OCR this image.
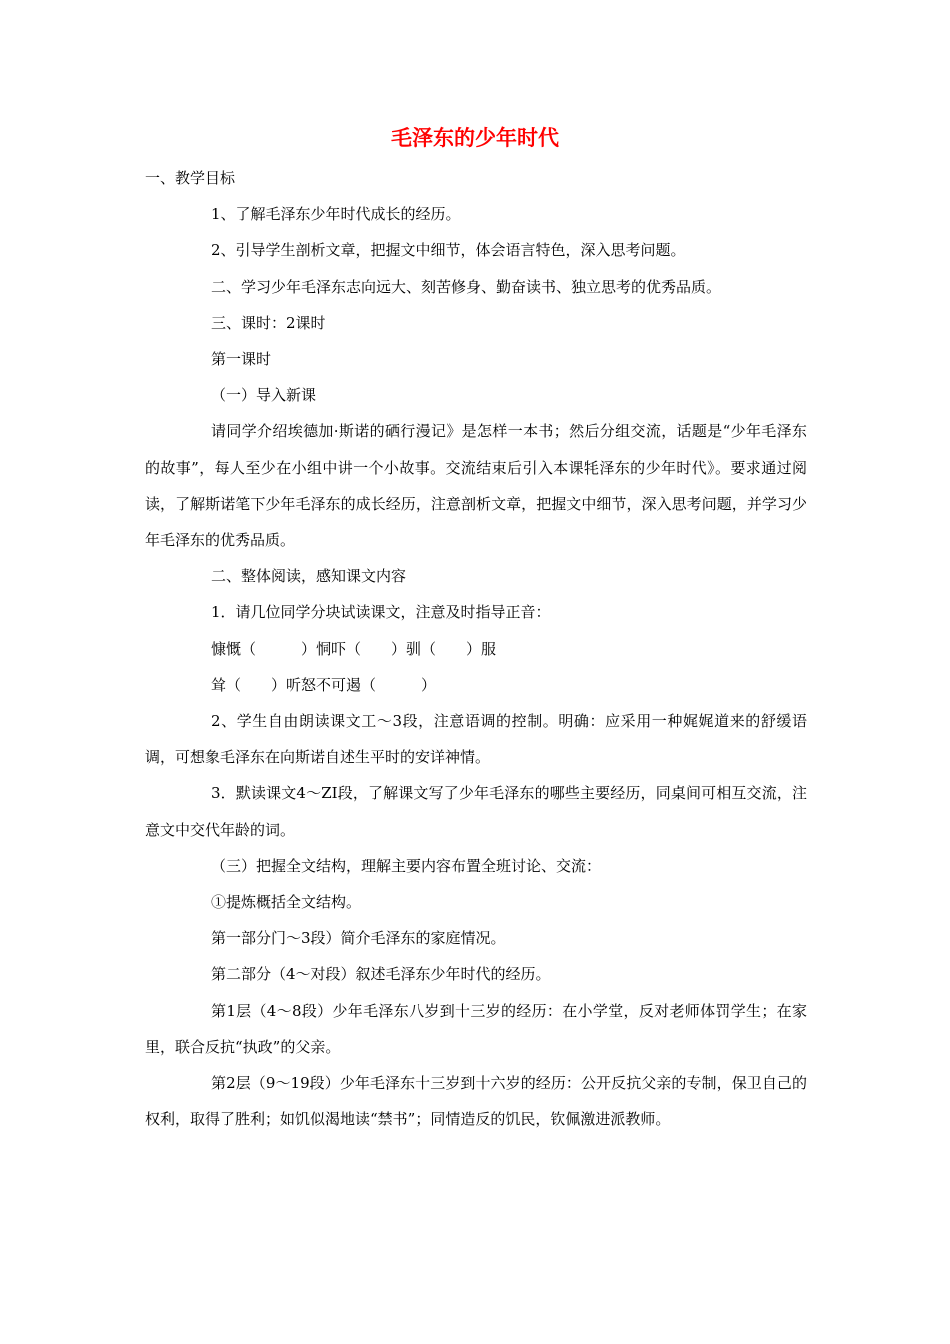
毛泽东的少年时代

一、教学目标

1、了解毛泽东少年时代成长的经历。

2、引导学生剖析文章，把握文中细节，体会语言特色，深入思考问题。

二、学习少年毛泽东志向远大、刻苦修身、勤奋读书、独立思考的优秀品质。

三、课时：2课时

第一课时

（一）导入新课

请同学介绍埃德加·斯诺的硒行漫记》是怎样一本书；然后分组交流，话题是“少年毛泽东的故事”，每人至少在小组中讲一个小故事。交流结束后引入本课牦泽东的少年时代》。要求通过阅读，了解斯诺笔下少年毛泽东的成长经历，注意剖析文章，把握文中细节，深入思考问题，并学习少年毛泽东的优秀品质。

二、整体阅读，感知课文内容

1．请几位同学分块试读课文，注意及时指导正音：

慷慨（　　　）恫吓（　　）驯（　　）服

耸（　　）听怒不可遏（　　　）

2、学生自由朗读课文工～3段，注意语调的控制。明确：应采用一种娓娓道来的舒缓语调，可想象毛泽东在向斯诺自述生平时的安详神情。

3．默读课文4～ZI段，了解课文写了少年毛泽东的哪些主要经历，同桌间可相互交流，注意文中交代年龄的词。

（三）把握全文结构，理解主要内容布置全班讨论、交流：

①提炼概括全文结构。

第一部分门～3段）简介毛泽东的家庭情况。

第二部分（4～对段）叙述毛泽东少年时代的经历。

第1层（4～8段）少年毛泽东八岁到十三岁的经历：在小学堂，反对老师体罚学生；在家里，联合反抗“执政”的父亲。

第2层（9～19段）少年毛泽东十三岁到十六岁的经历：公开反抗父亲的专制，保卫自己的权利，取得了胜利；如饥似渴地读“禁书”；同情造反的饥民，钦佩激进派教师。
